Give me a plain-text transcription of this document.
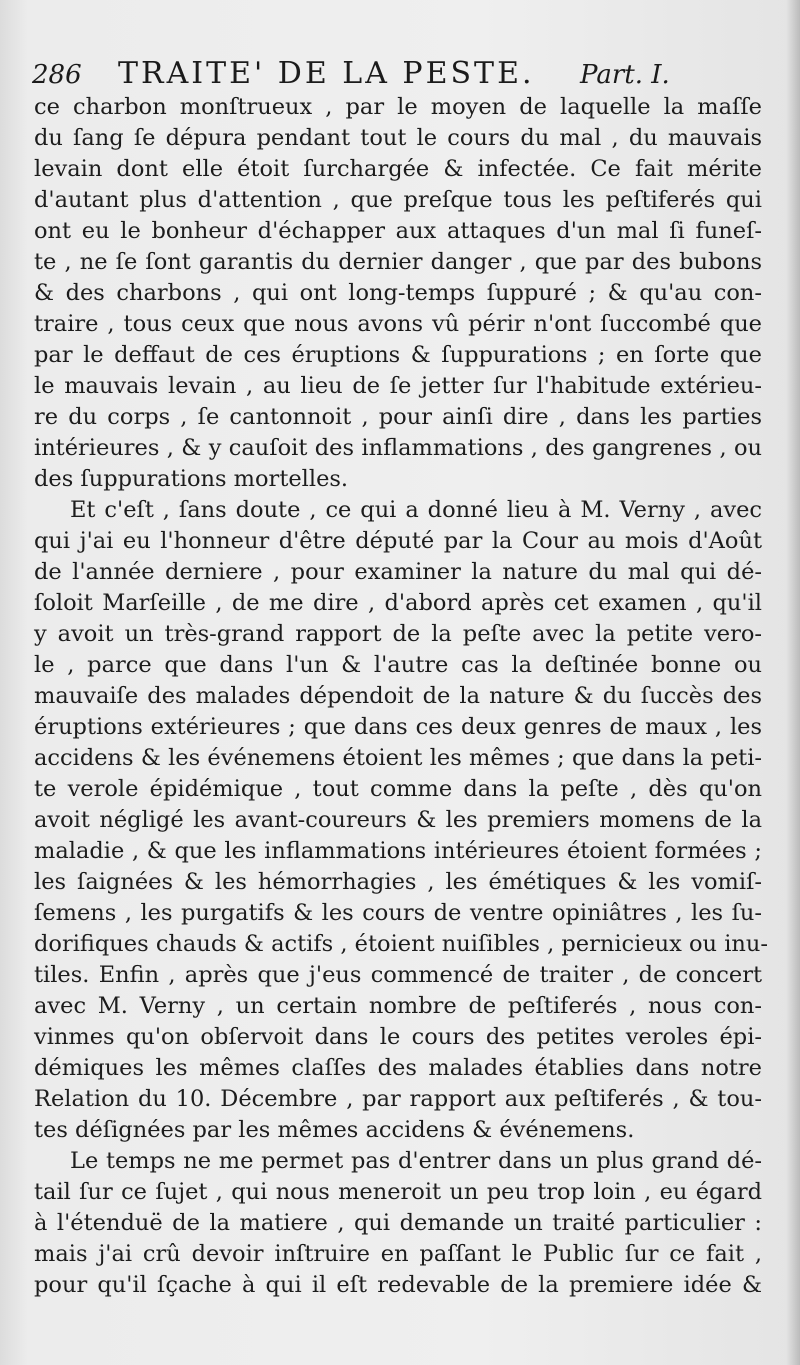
286 TRAITE' DE LA PESTE. Part. I.
ce charbon monſtrueux , par le moyen de laquelle la maſſe
du ſang ſe dépura pendant tout le cours du mal , du mauvais
levain dont elle étoit ſurchargée & infectée. Ce fait mérite
d'autant plus d'attention , que preſque tous les peſtiferés qui
ont eu le bonheur d'échapper aux attaques d'un mal ſi funeſ-
te , ne ſe ſont garantis du dernier danger , que par des bubons
& des charbons , qui ont long-temps ſuppuré ; & qu'au con-
traire , tous ceux que nous avons vû périr n'ont ſuccombé que
par le deffaut de ces éruptions & ſuppurations ; en ſorte que
le mauvais levain , au lieu de ſe jetter ſur l'habitude extérieu-
re du corps , ſe cantonnoit , pour ainſi dire , dans les parties
intérieures , & y cauſoit des inflammations , des gangrenes , ou
des ſuppurations mortelles.
Et c'eſt , ſans doute , ce qui a donné lieu à M. Verny , avec
qui j'ai eu l'honneur d'être député par la Cour au mois d'Août
de l'année derniere , pour examiner la nature du mal qui dé-
ſoloit Marſeille , de me dire , d'abord après cet examen , qu'il
y avoit un très-grand rapport de la peſte avec la petite vero-
le , parce que dans l'un & l'autre cas la deſtinée bonne ou
mauvaiſe des malades dépendoit de la nature & du ſuccès des
éruptions extérieures ; que dans ces deux genres de maux , les
accidens & les événemens étoient les mêmes ; que dans la peti-
te verole épidémique , tout comme dans la peſte , dès qu'on
avoit négligé les avant-coureurs & les premiers momens de la
maladie , & que les inflammations intérieures étoient formées ;
les ſaignées & les hémorrhagies , les émétiques & les vomiſ-
ſemens , les purgatifs & les cours de ventre opiniâtres , les ſu-
dorifiques chauds & actifs , étoient nuiſibles , pernicieux ou inu-
tiles. Enfin , après que j'eus commencé de traiter , de concert
avec M. Verny , un certain nombre de peſtiferés , nous con-
vinmes qu'on obſervoit dans le cours des petites veroles épi-
démiques les mêmes claſſes des malades établies dans notre
Relation du 10. Décembre , par rapport aux peſtiferés , & tou-
tes déſignées par les mêmes accidens & événemens.
Le temps ne me permet pas d'entrer dans un plus grand dé-
tail ſur ce ſujet , qui nous meneroit un peu trop loin , eu égard
à l'étenduë de la matiere , qui demande un traité particulier :
mais j'ai crû devoir inſtruire en paſſant le Public ſur ce fait ,
pour qu'il ſçache à qui il eſt redevable de la premiere idée &
